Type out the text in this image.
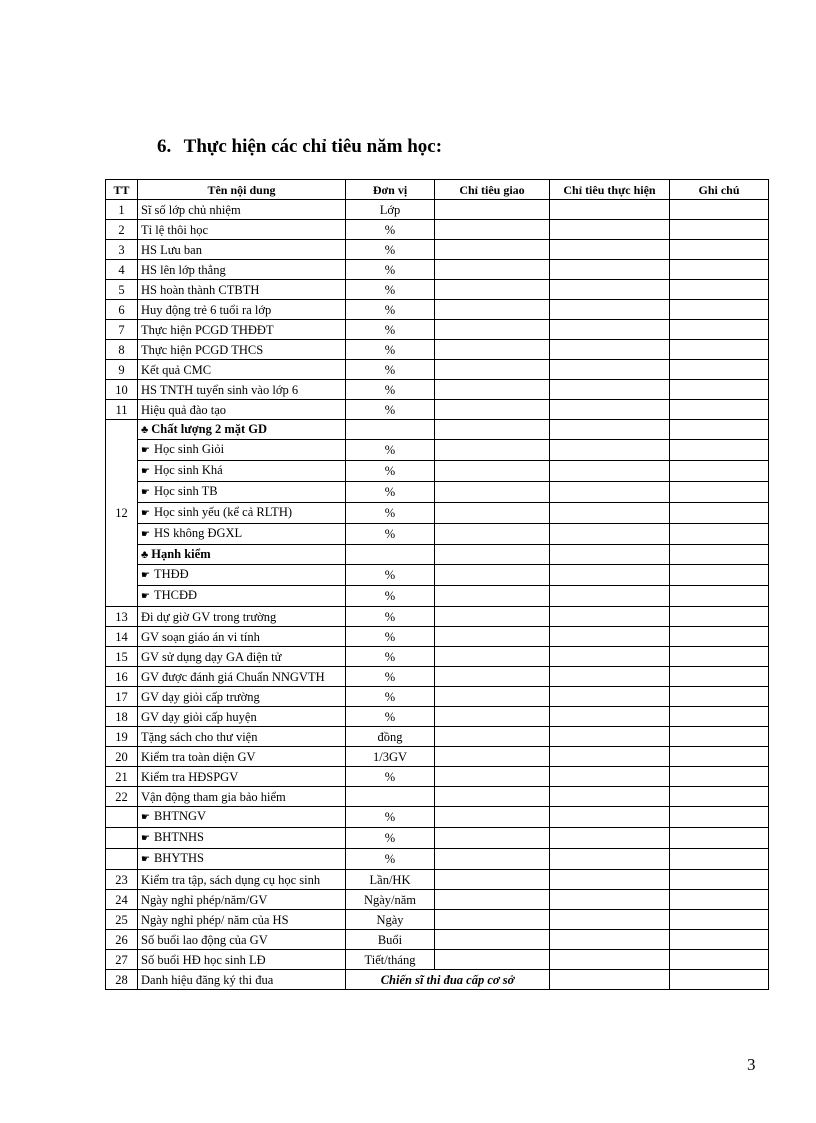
6. Thực hiện các chỉ tiêu năm học:
TT	Tên nội dung	Đơn vị	Chỉ tiêu giao	Chỉ tiêu thực hiện	Ghi chú
1	Sĩ số lớp chủ nhiệm	Lớp			
2	Tỉ lệ thôi học	%			
3	HS Lưu ban	%			
4	HS lên lớp thẳng	%			
5	HS hoàn thành CTBTH	%			
6	Huy động trẻ 6 tuổi ra lớp	%			
7	Thực hiện PCGD THĐĐT	%			
8	Thực hiện PCGD THCS	%			
9	Kết quả CMC	%			
10	HS TNTH tuyển sinh vào lớp 6	%			
11	Hiệu quả đào tạo	%			
12	♣ Chất lượng 2 mặt GD				
	☛ Học sinh Giỏi	%			
	☛ Học sinh Khá	%			
	☛ Học sinh TB	%			
	☛ Học sinh yếu (kể cả RLTH)	%			
	☛ HS không ĐGXL	%			
	♣ Hạnh kiểm				
	☛ THĐĐ	%			
	☛ THCĐĐ	%			
13	Đi dự giờ GV trong trường	%			
14	GV soạn giáo án vi tính	%			
15	GV sử dụng dạy GA điện tử	%			
16	GV được đánh giá Chuẩn NNGVTH	%			
17	GV dạy giỏi cấp trường	%			
18	GV dạy giỏi cấp huyện	%			
19	Tặng sách cho thư viện	đồng			
20	Kiểm tra toàn diện GV	1/3GV			
21	Kiểm tra HĐSPGV	%			
22	Vận động tham gia bảo hiểm				
	☛ BHTNGV	%			
	☛ BHTNHS	%			
	☛ BHYTHS	%			
23	Kiểm tra tập, sách dụng cụ học sinh	Lần/HK			
24	Ngày nghỉ phép/năm/GV	Ngày/năm			
25	Ngày nghỉ phép/ năm của HS	Ngày			
26	Số buổi lao động của GV	Buổi			
27	Số buổi HĐ học sinh LĐ	Tiết/tháng			
28	Danh hiệu đăng ký thi đua	Chiến sĩ thi đua cấp cơ sở			
3
